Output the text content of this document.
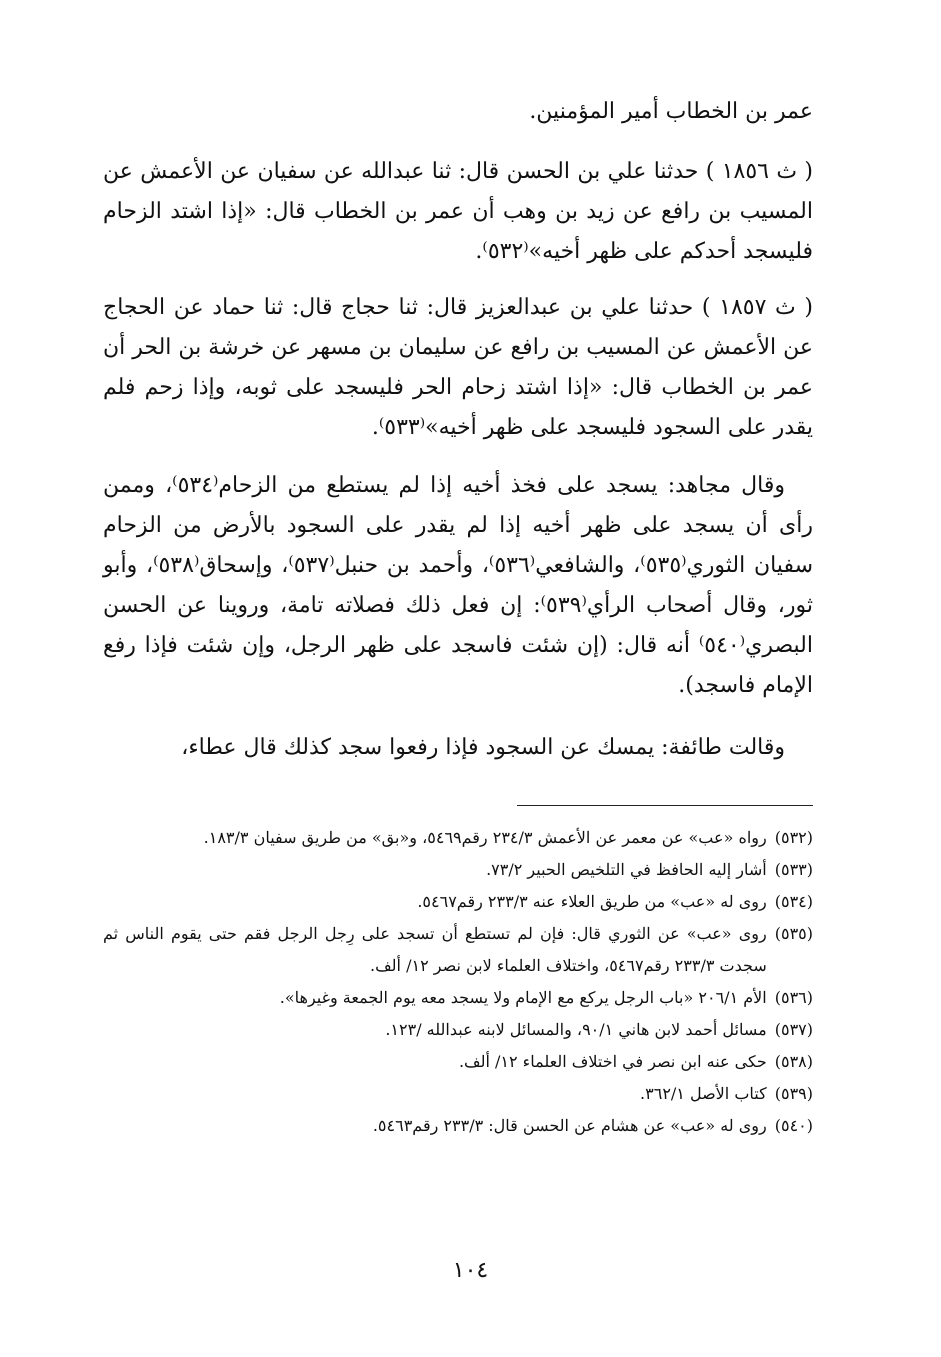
عمر بن الخطاب أمير المؤمنين.

( ث ١٨٥٦ ) حدثنا علي بن الحسن قال: ثنا عبدالله عن سفيان عن الأعمش عن المسيب بن رافع عن زيد بن وهب أن عمر بن الخطاب قال: «إذا اشتد الزحام فليسجد أحدكم على ظهر أخيه»⁽٥٣٢⁾.

( ث ١٨٥٧ ) حدثنا علي بن عبدالعزيز قال: ثنا حجاج قال: ثنا حماد عن الحجاج عن الأعمش عن المسيب بن رافع عن سليمان بن مسهر عن خرشة بن الحر أن عمر بن الخطاب قال: «إذا اشتد زحام الحر فليسجد على ثوبه، وإذا زحم فلم يقدر على السجود فليسجد على ظهر أخيه»⁽٥٣٣⁾.

وقال مجاهد: يسجد على فخذ أخيه إذا لم يستطع من الزحام⁽٥٣٤⁾، وممن رأى أن يسجد على ظهر أخيه إذا لم يقدر على السجود بالأرض من الزحام سفيان الثوري⁽٥٣٥⁾، والشافعي⁽٥٣٦⁾، وأحمد بن حنبل⁽٥٣٧⁾، وإسحاق⁽٥٣٨⁾، وأبو ثور، وقال أصحاب الرأي⁽٥٣٩⁾: إن فعل ذلك فصلاته تامة، وروينا عن الحسن البصري⁽٥٤٠⁾ أنه قال: (إن شئت فاسجد على ظهر الرجل، وإن شئت فإذا رفع الإمام فاسجد).

وقالت طائفة: يمسك عن السجود فإذا رفعوا سجد كذلك قال عطاء،

(٥٣٢)
رواه «عب» عن معمر عن الأعمش ٢٣٤/٣ رقم٥٤٦٩، و«بق» من طريق سفيان ١٨٣/٣.
(٥٣٣)
أشار إليه الحافظ في التلخيص الحبير ٧٣/٢.
(٥٣٤)
روى له «عب» من طريق العلاء عنه ٢٣٣/٣ رقم٥٤٦٧.
(٥٣٥)
روى «عب» عن الثوري قال: فإن لم تستطع أن تسجد على رِجل الرجل فقم حتى يقوم الناس ثم سجدت ٢٣٣/٣ رقم٥٤٦٧، واختلاف العلماء لابن نصر ١٢/ ألف.
(٥٣٦)
الأم ٢٠٦/١ «باب الرجل يركع مع الإمام ولا يسجد معه يوم الجمعة وغيرها».
(٥٣٧)
مسائل أحمد لابن هاني ٩٠/١، والمسائل لابنه عبدالله /١٢٣.
(٥٣٨)
حكى عنه ابن نصر في اختلاف العلماء ١٢/ ألف.
(٥٣٩)
كتاب الأصل ٣٦٢/١.
(٥٤٠)
روى له «عب» عن هشام عن الحسن قال: ٢٣٣/٣ رقم٥٤٦٣.
١٠٤
